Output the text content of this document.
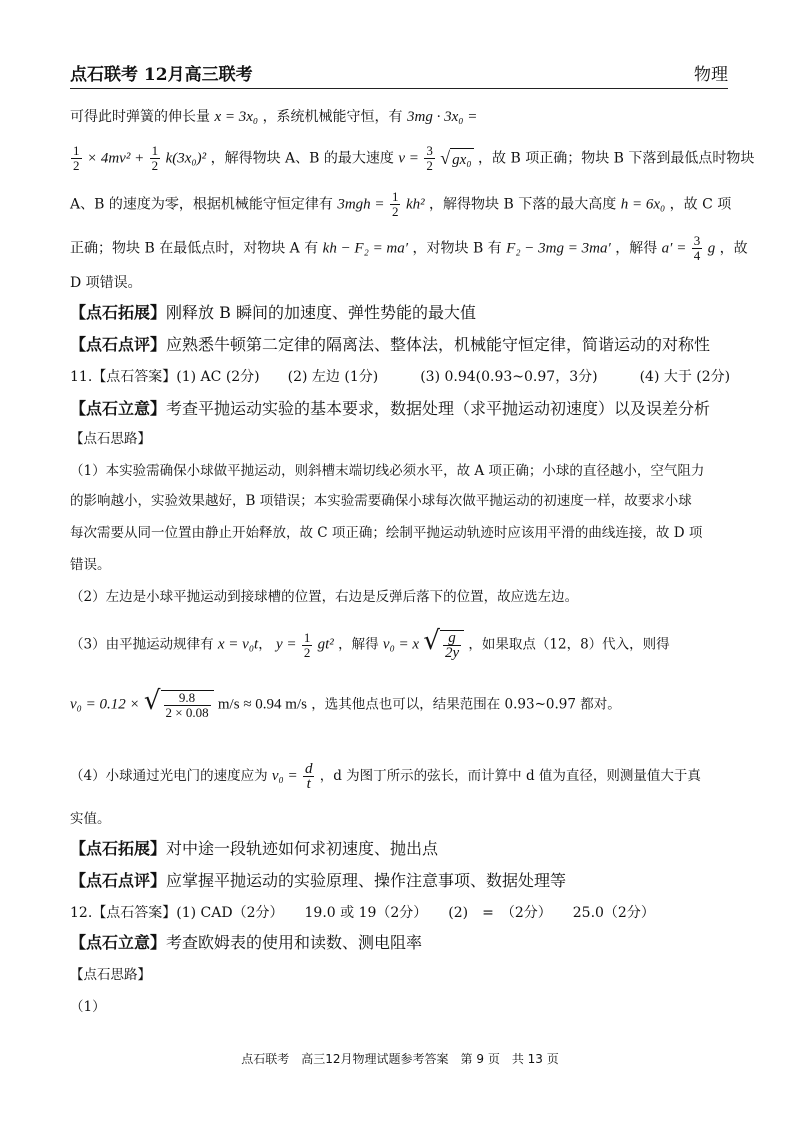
点石联考 12月高三联考	物理
可得此时弹簧的伸长量 x = 3x₀ ，系统机械能守恒，有 3mg · 3x₀ =
$\frac{1}{2} \times 4mv^2 + \frac{1}{2} k(3x_0)^2$ ，解得物块 A、B 的最大速度 $v = \frac{3}{2}$ √ gx₀ ，故 B 项正确；物块 B 下落到最低点时物块
A、B 的速度为零，根据机械能守恒定律有 $3mgh = \frac{1}{2} kh^2$ ，解得物块 B 下落的最大高度 h = 6x₀ ，故 C 项
正确；物块 B 在最低点时，对物块 A 有 kh − F₂ = ma′ ，对物块 B 有 F₂ − 3mg = 3ma′ ，解得 $a' = \frac{3}{4}$ g ，故
D 项错误。
【点石拓展】刚释放 B 瞬间的加速度、弹性势能的最大值
【点石点评】应熟悉牛顿第二定律的隔离法、整体法，机械能守恒定律，简谐运动的对称性
11.【点石答案】(1) AC (2分)　　(2) 左边 (1分)　　　(3) 0.94(0.93~0.97，3分)　　　(4) 大于 (2分)
【点石立意】考查平抛运动实验的基本要求，数据处理（求平抛运动初速度）以及误差分析
【点石思路】
（1）本实验需确保小球做平抛运动，则斜槽末端切线必须水平，故 A 项正确；小球的直径越小，空气阻力
的影响越小，实验效果越好，B 项错误；本实验需要确保小球每次做平抛运动的初速度一样，故要求小球
每次需要从同一位置由静止开始释放，故 C 项正确；绘制平抛运动轨迹时应该用平滑的曲线连接，故 D 项
错误。
（2）左边是小球平抛运动到接球槽的位置，右边是反弹后落下的位置，故应选左边。
（3）由平抛运动规律有 x = v₀t， $y = \frac{1}{2} gt^2$ ，解得 v₀ = x √ $\frac{g}{2y}$ ，如果取点（12，8）代入，则得
v₀ = 0.12 × √ $\frac{9.8}{2 \times 0.08} m/s \approx 0.94$ m/s ，选其他点也可以，结果范围在 0.93~0.97 都对。
（4）小球通过光电门的速度应为 $v_0 = \frac{d}{t}$ ，d 为图丁所示的弦长，而计算中 d 值为直径，则测量值大于真
实值。
【点石拓展】对中途一段轨迹如何求初速度、抛出点
【点石点评】应掌握平抛运动的实验原理、操作注意事项、数据处理等
12.【点石答案】(1) CAD（2分）　　19.0 或 19（2分）　　(2)　=　（2分）　　25.0（2分）
【点石立意】考查欧姆表的使用和读数、测电阻率
【点石思路】
（1）
点石联考　高三12月物理试题参考答案　第 9 页　共 13 页
